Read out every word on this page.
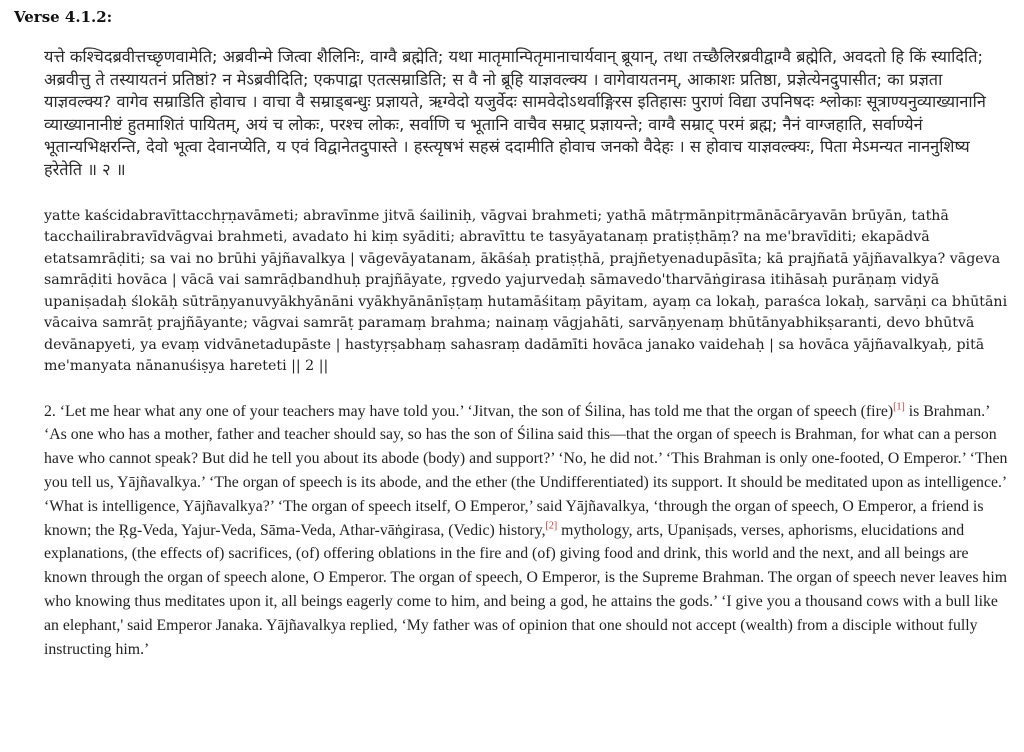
Verse 4.1.2:

यत्ते कश्चिदब्रवीत्तच्छृणवामेति; अब्रवीन्मे जित्वा शैलिनिः, वाग्वै ब्रह्मेति; यथा मातृमान्पितृमानाचार्यवान् ब्रूयान्, तथा तच्छैलिरब्रवीद्वाग्वै ब्रह्मेति, अवदतो हि किं स्यादिति; अब्रवीत्तु ते तस्यायतनं प्रतिष्ठां? न मेऽब्रवीदिति; एकपाद्वा एतत्सम्राडिति; स वै नो ब्रूहि याज्ञवल्क्य । वागेवायतनम्, आकाशः प्रतिष्ठा, प्रज्ञेत्येनदुपासीत; का प्रज्ञता याज्ञवल्क्य? वागेव सम्राडिति होवाच । वाचा वै सम्राड्बन्धुः प्रज्ञायते, ऋग्वेदो यजुर्वेदः सामवेदोऽथर्वाङ्गिरस इतिहासः पुराणं विद्या उपनिषदः श्लोकाः सूत्राण्यनुव्याख्यानानि व्याख्यानानीष्टं हुतमाशितं पायितम्, अयं च लोकः, परश्च लोकः, सर्वाणि च भूतानि वाचैव सम्राट् प्रज्ञायन्ते; वाग्वै सम्राट् परमं ब्रह्म; नैनं वाग्जहाति, सर्वाण्येनं भूतान्यभिक्षरन्ति, देवो भूत्वा देवानप्येति, य एवं विद्वानेतदुपास्ते । हस्त्यृषभं सहस्रं ददामीति होवाच जनको वैदेहः । स होवाच याज्ञवल्क्यः, पिता मेऽमन्यत नाननुशिष्य हरेतेति ॥ २ ॥

yatte kaścidabravīttacchṛṇavāmeti; abravīnme jitvā śailiniḥ, vāgvai brahmeti; yathā mātṛmānpitṛmānācāryavān brūyān, tathā tacchailirabravīdvāgvai brahmeti, avadato hi kiṃ syāditi; abravīttu te tasyāyatanaṃ pratiṣṭhāṃ? na me'bravīditi; ekapādvā etatsamrāḍiti; sa vai no brūhi yājñavalkya | vāgevāyatanam, ākāśaḥ pratiṣṭhā, prajñetyenadupāsīta; kā prajñatā yājñavalkya? vāgeva samrāḍiti hovāca | vācā vai samrāḍbandhuḥ prajñāyate, ṛgvedo yajurvedaḥ sāmavedo'tharvāṅgirasa itihāsaḥ purāṇaṃ vidyā upaniṣadaḥ ślokāḥ sūtrāṇyanuvyākhyānāni vyākhyānānīṣṭaṃ hutamāśitaṃ pāyitam, ayaṃ ca lokaḥ, paraśca lokaḥ, sarvāṇi ca bhūtāni vācaiva samrāṭ prajñāyante; vāgvai samrāṭ paramaṃ brahma; nainaṃ vāgjahāti, sarvāṇyenaṃ bhūtānyabhikṣaranti, devo bhūtvā devānapyeti, ya evaṃ vidvānetadupāste | hastyṛṣabhaṃ sahasraṃ dadāmīti hovāca janako vaidehaḥ | sa hovāca yājñavalkyaḥ, pitā me'manyata nānanuśiṣya hareteti || 2 ||

2. ‘Let me hear what any one of your teachers may have told you.’ ‘Jitvan, the son of Śilina, has told me that the organ of speech (fire)[1] is Brahman.’ ‘As one who has a mother, father and teacher should say, so has the son of Śilina said this—that the organ of speech is Brahman, for what can a person have who cannot speak? But did he tell you about its abode (body) and support?’ ‘No, he did not.’ ‘This Brahman is only one-footed, O Emperor.’ ‘Then you tell us, Yājñavalkya.’ ‘The organ of speech is its abode, and the ether (the Undifferentiated) its support. It should be meditated upon as intelligence.’ ‘What is intelligence, Yājñavalkya?’ ‘The organ of speech itself, O Emperor,’ said Yājñavalkya, ‘through the organ of speech, O Emperor, a friend is known; the Ṛg-Veda, Yajur-Veda, Sāma-Veda, Athar-vāṅgirasa, (Vedic) history,[2] mythology, arts, Upaniṣads, verses, aphorisms, elucidations and explanations, (the effects of) sacrifices, (of) offering oblations in the fire and (of) giving food and drink, this world and the next, and all beings are known through the organ of speech alone, O Emperor. The organ of speech, O Emperor, is the Supreme Brahman. The organ of speech never leaves him who knowing thus meditates upon it, all beings eagerly come to him, and being a god, he attains the gods.’ ‘I give you a thousand cows with a bull like an elephant,' said Emperor Janaka. Yājñavalkya replied, ‘My father was of opinion that one should not accept (wealth) from a disciple without fully instructing him.’
